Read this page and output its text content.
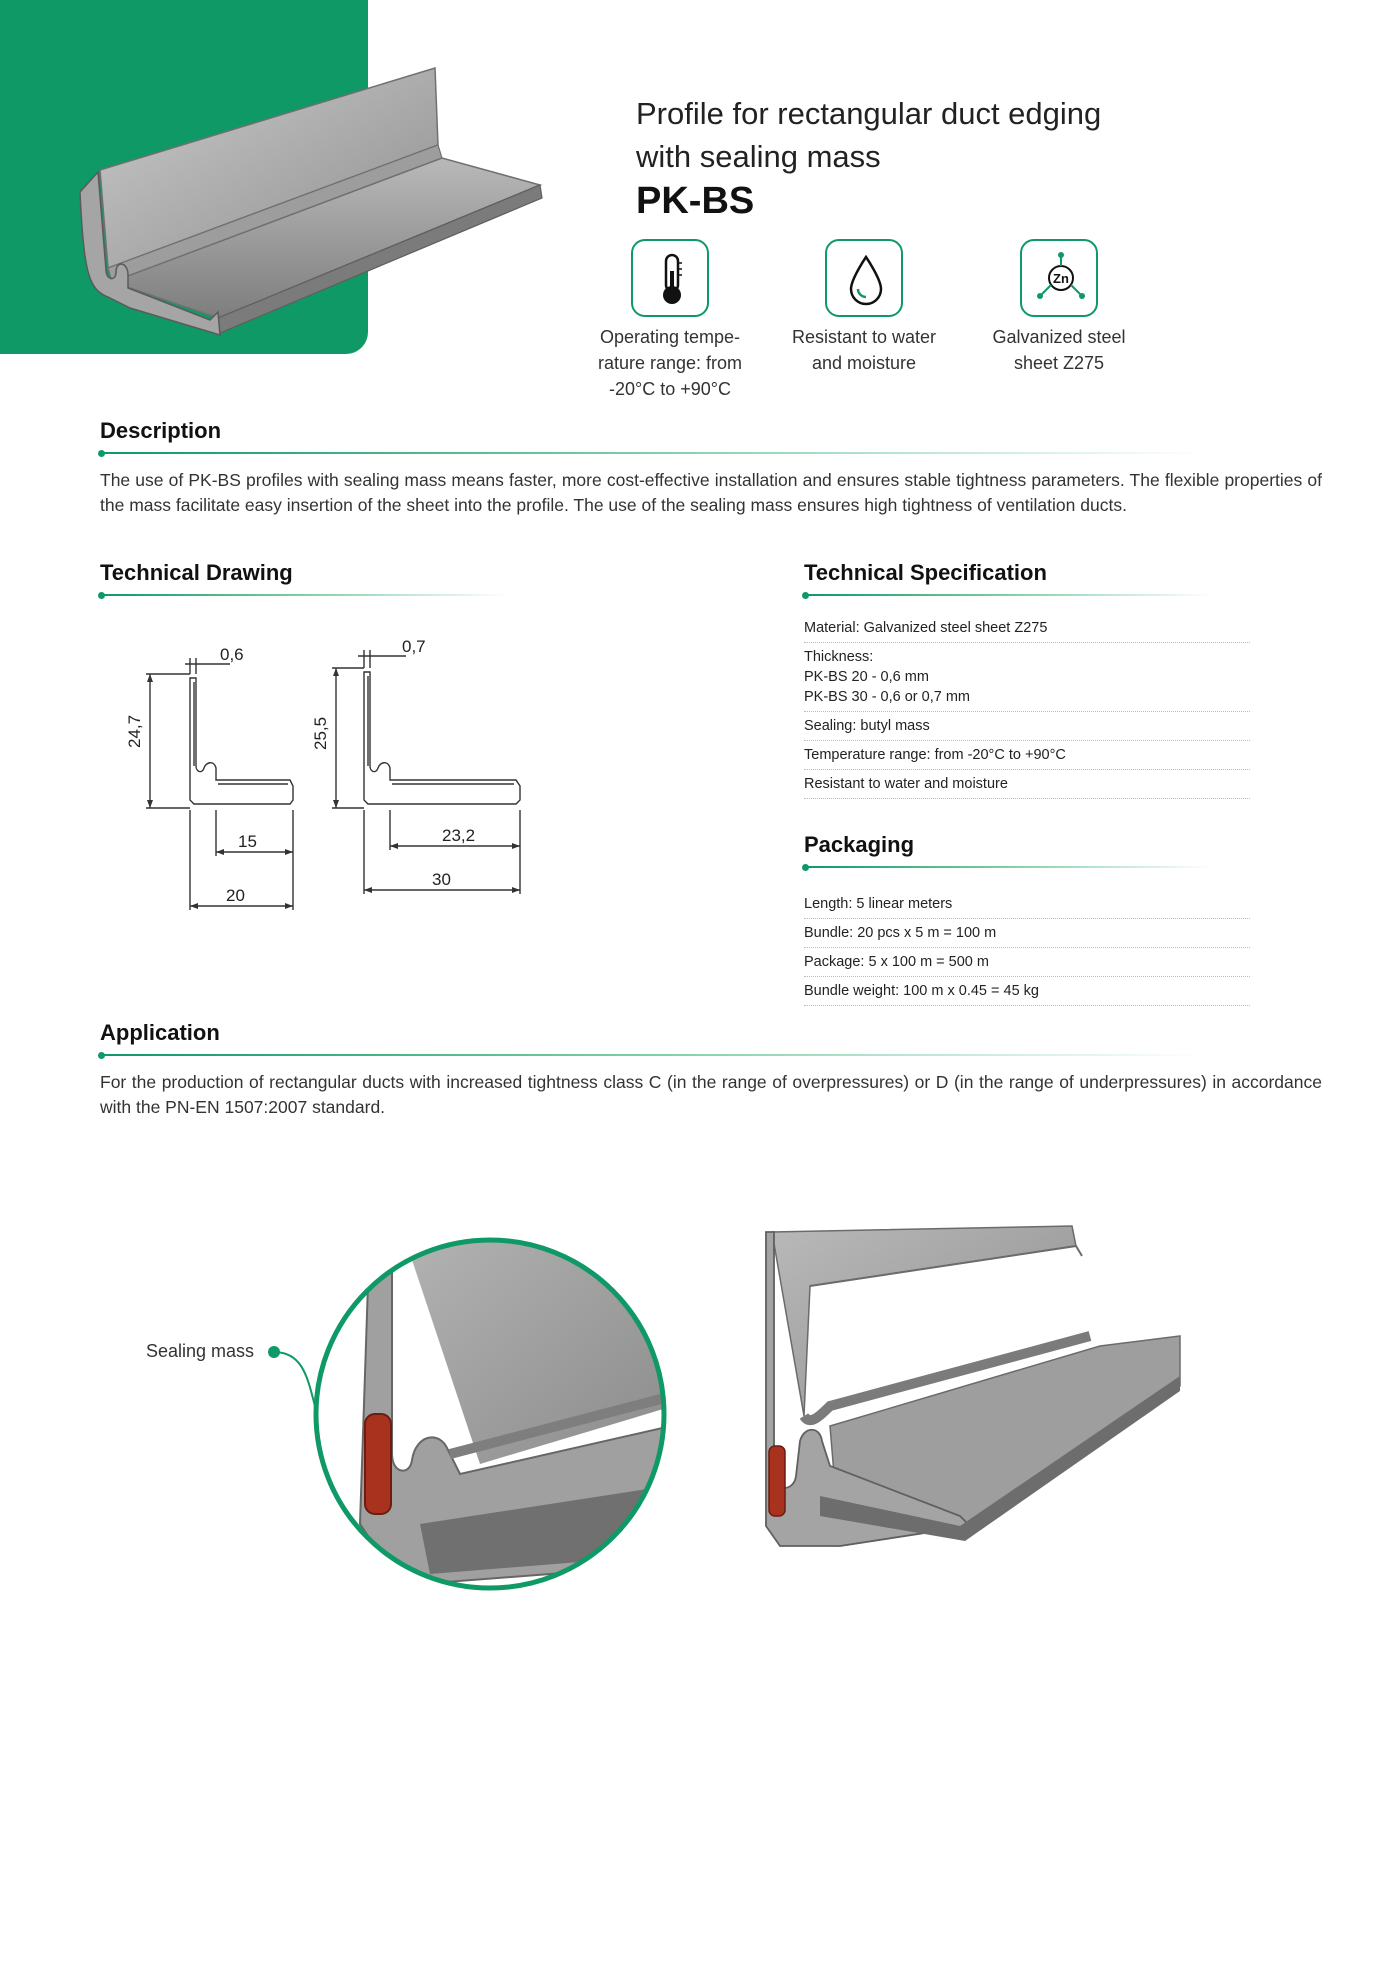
Profile for rectangular duct edging
with sealing mass
PK-BS
Zn
Operating tempe-
rature range: from
-20°C to +90°C
Resistant to water
and moisture
Galvanized steel
sheet Z275
Description
The use of PK-BS profiles with sealing mass means faster, more cost-effective installation and ensures stable tightness parameters. The flexible properties of the mass facilitate easy insertion of the sheet into the profile. The use of the sealing mass ensures high tightness of ventilation ducts.
Technical Drawing
0,6
24,7
15
20
0,7
25,5
23,2
30
Technical Specification
Material: Galvanized steel sheet Z275
Thickness:
PK-BS 20 - 0,6 mm
PK-BS 30 - 0,6 or 0,7 mm
Sealing: butyl mass
Temperature range: from -20°C to +90°C
Resistant to water and moisture
Packaging
Length: 5 linear meters
Bundle: 20 pcs x 5 m = 100 m
Package: 5 x 100 m = 500 m
Bundle weight: 100 m x 0.45 = 45 kg
Application
For the production of rectangular ducts with increased tightness class C (in the range of overpressures) or D (in the range of underpressures) in accordance with the PN-EN 1507:2007 standard.
Sealing mass
